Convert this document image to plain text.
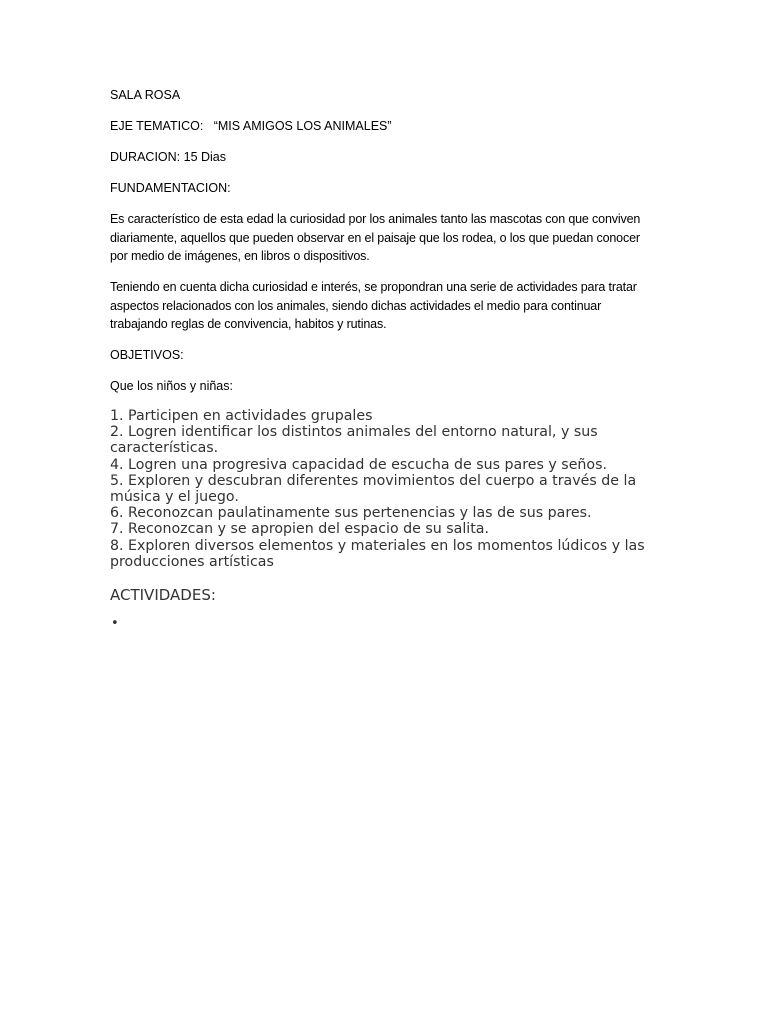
SALA ROSA

EJE TEMATICO:   “MIS AMIGOS LOS ANIMALES”

DURACION: 15 Dias

FUNDAMENTACION:

Es característico de esta edad la curiosidad por los animales tanto las mascotas con que conviven diariamente, aquellos que pueden observar en el paisaje que los rodea, o los que puedan conocer por medio de imágenes, en libros o dispositivos.

Teniendo en cuenta dicha curiosidad e interés, se propondran una serie de actividades para tratar aspectos relacionados con los animales, siendo dichas actividades el medio para continuar trabajando reglas de convivencia, habitos y rutinas.

OBJETIVOS:

Que los niños y niñas:

1. Participen en actividades grupales
2. Logren identificar los distintos animales del entorno natural, y sus características.
4. Logren una progresiva capacidad de escucha de sus pares y seños.
5. Exploren y descubran diferentes movimientos del cuerpo a través de la música y el juego.
6. Reconozcan paulatinamente sus pertenencias y las de sus pares.
7. Reconozcan y se apropien del espacio de su salita.
8. Exploren diversos elementos y materiales en los momentos lúdicos y las producciones artísticas
ACTIVIDADES:
•
